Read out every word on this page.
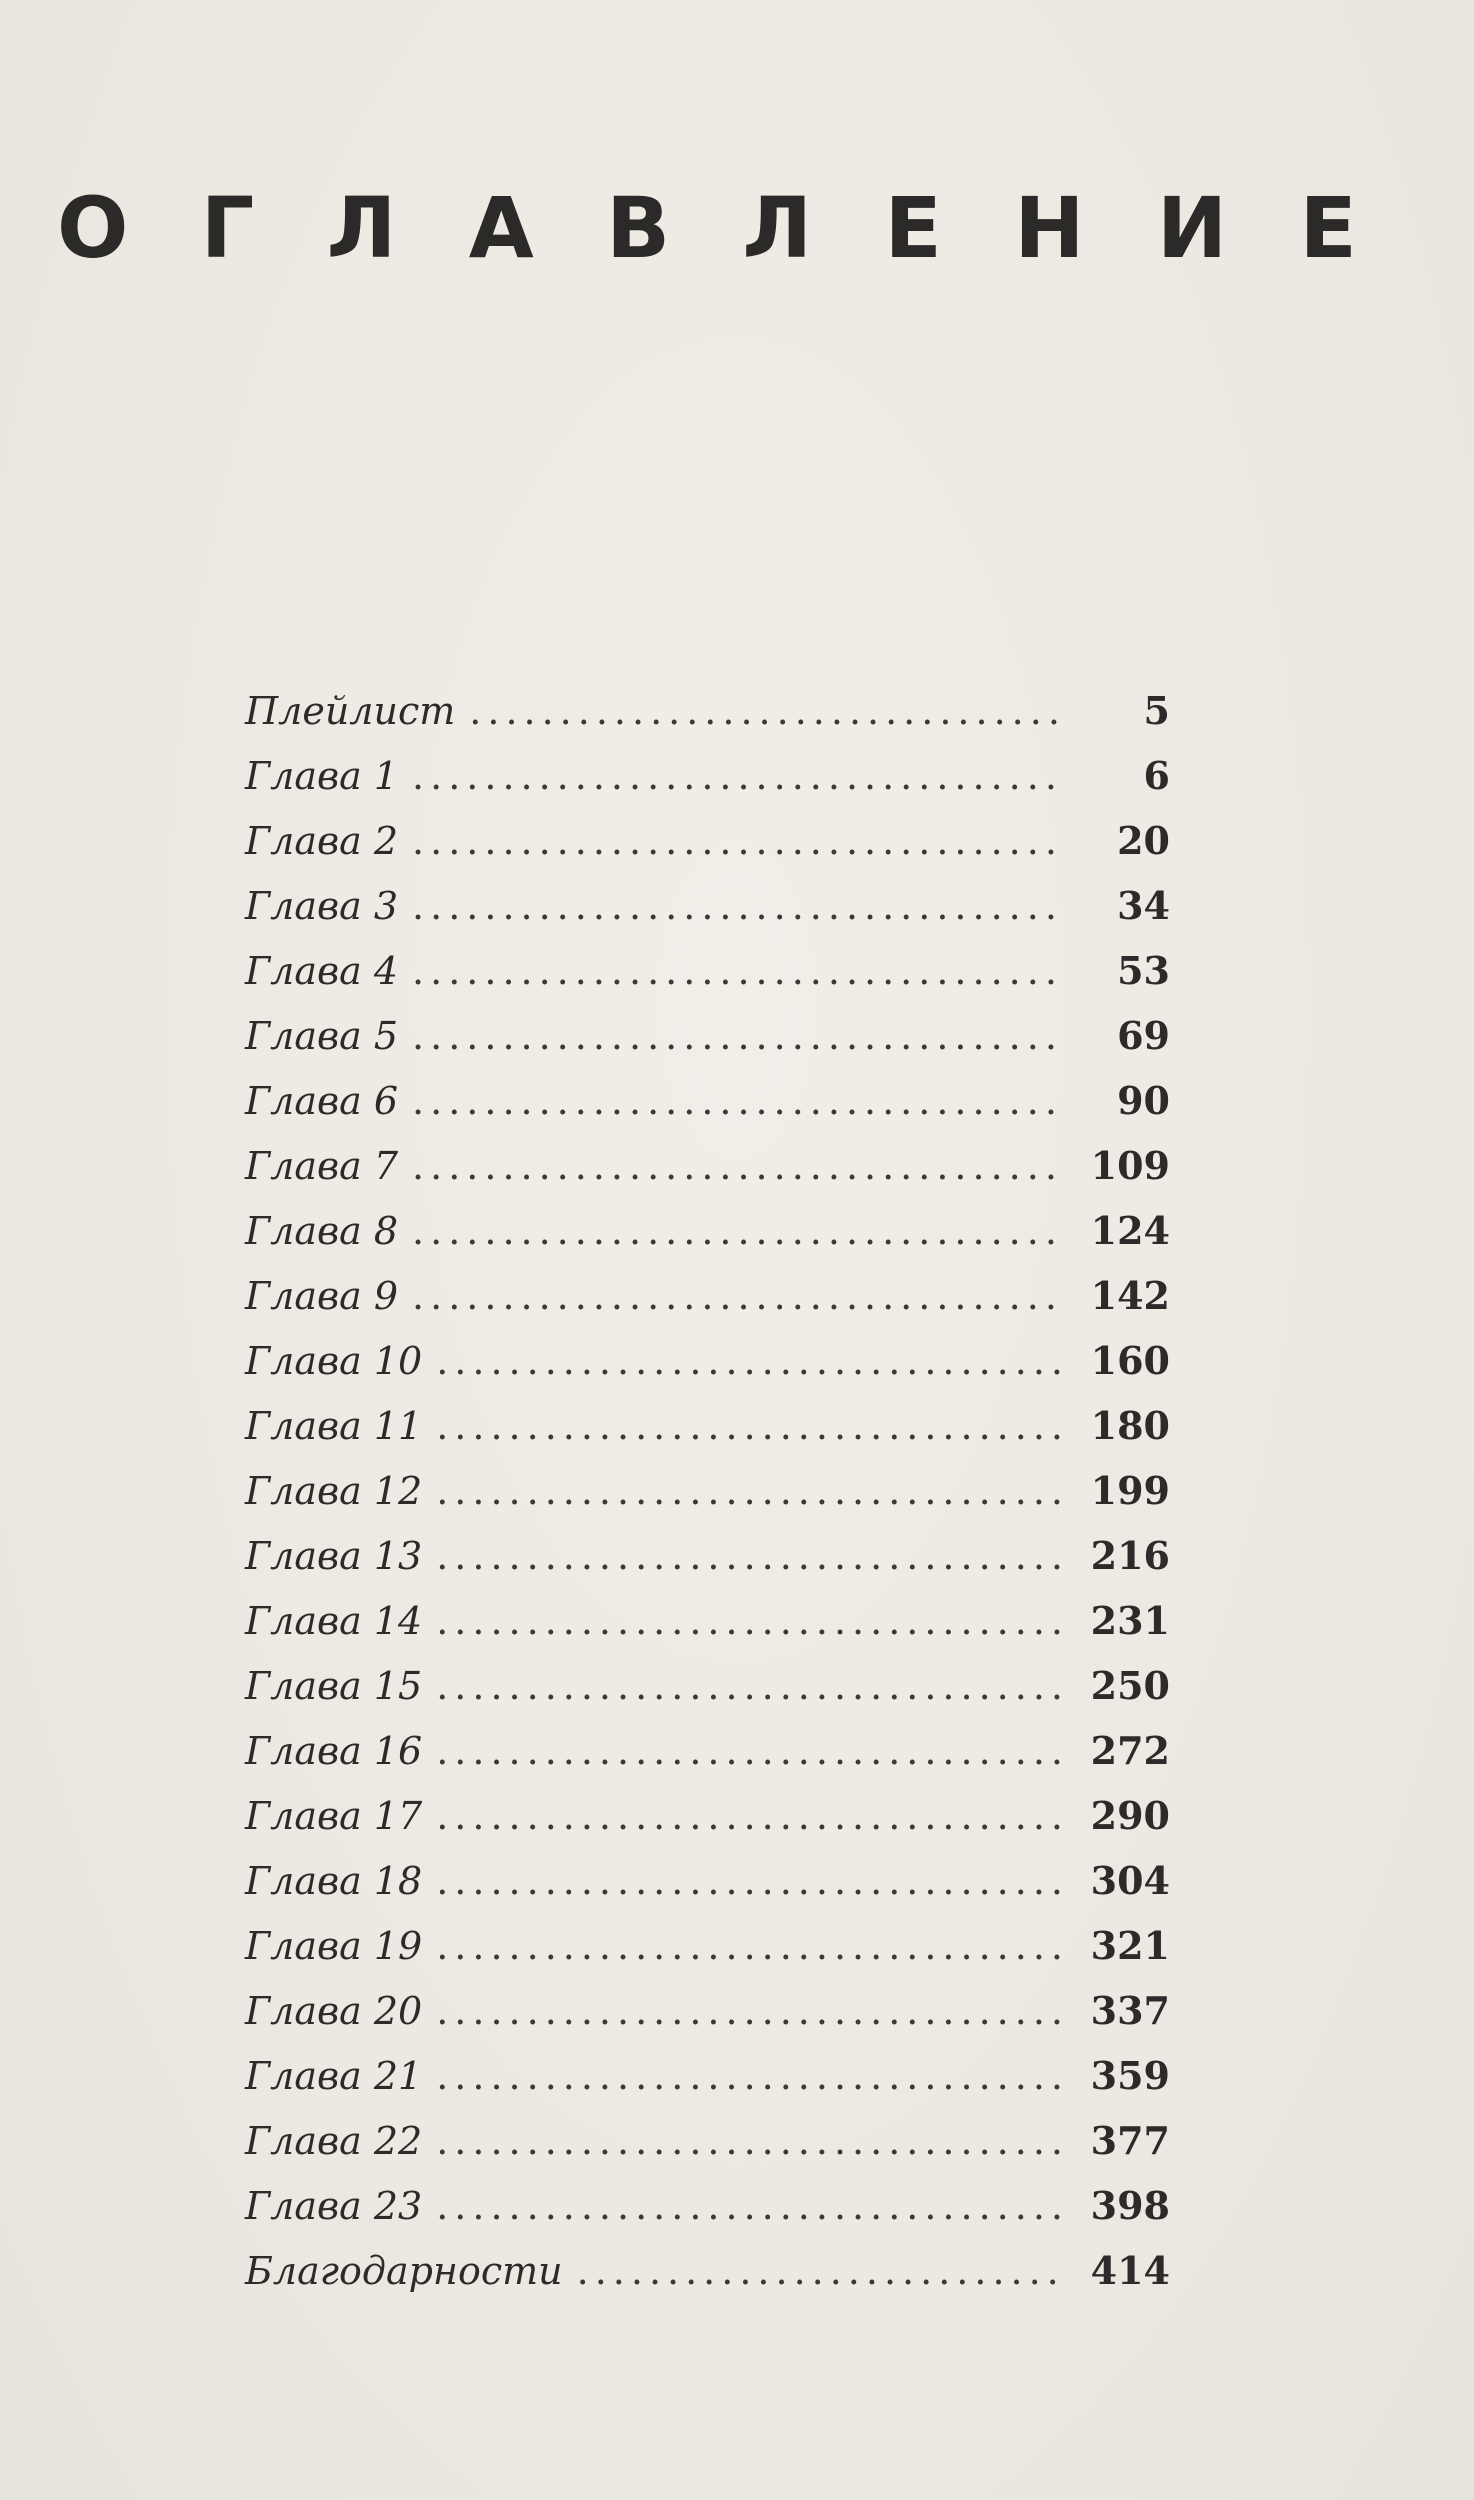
О Г Л А В Л Е Н И Е
Плейлист .....	5
Глава 1 .....	6
Глава 2 .....	20
Глава 3 .....	34
Глава 4 .....	53
Глава 5 .....	69
Глава 6 .....	90
Глава 7 .....	109
Глава 8 .....	124
Глава 9 .....	142
Глава 10 .....	160
Глава 11 .....	180
Глава 12 .....	199
Глава 13 .....	216
Глава 14 .....	231
Глава 15 .....	250
Глава 16 .....	272
Глава 17 .....	290
Глава 18 .....	304
Глава 19 .....	321
Глава 20 .....	337
Глава 21 .....	359
Глава 22 .....	377
Глава 23 .....	398
Благодарности .....	414
